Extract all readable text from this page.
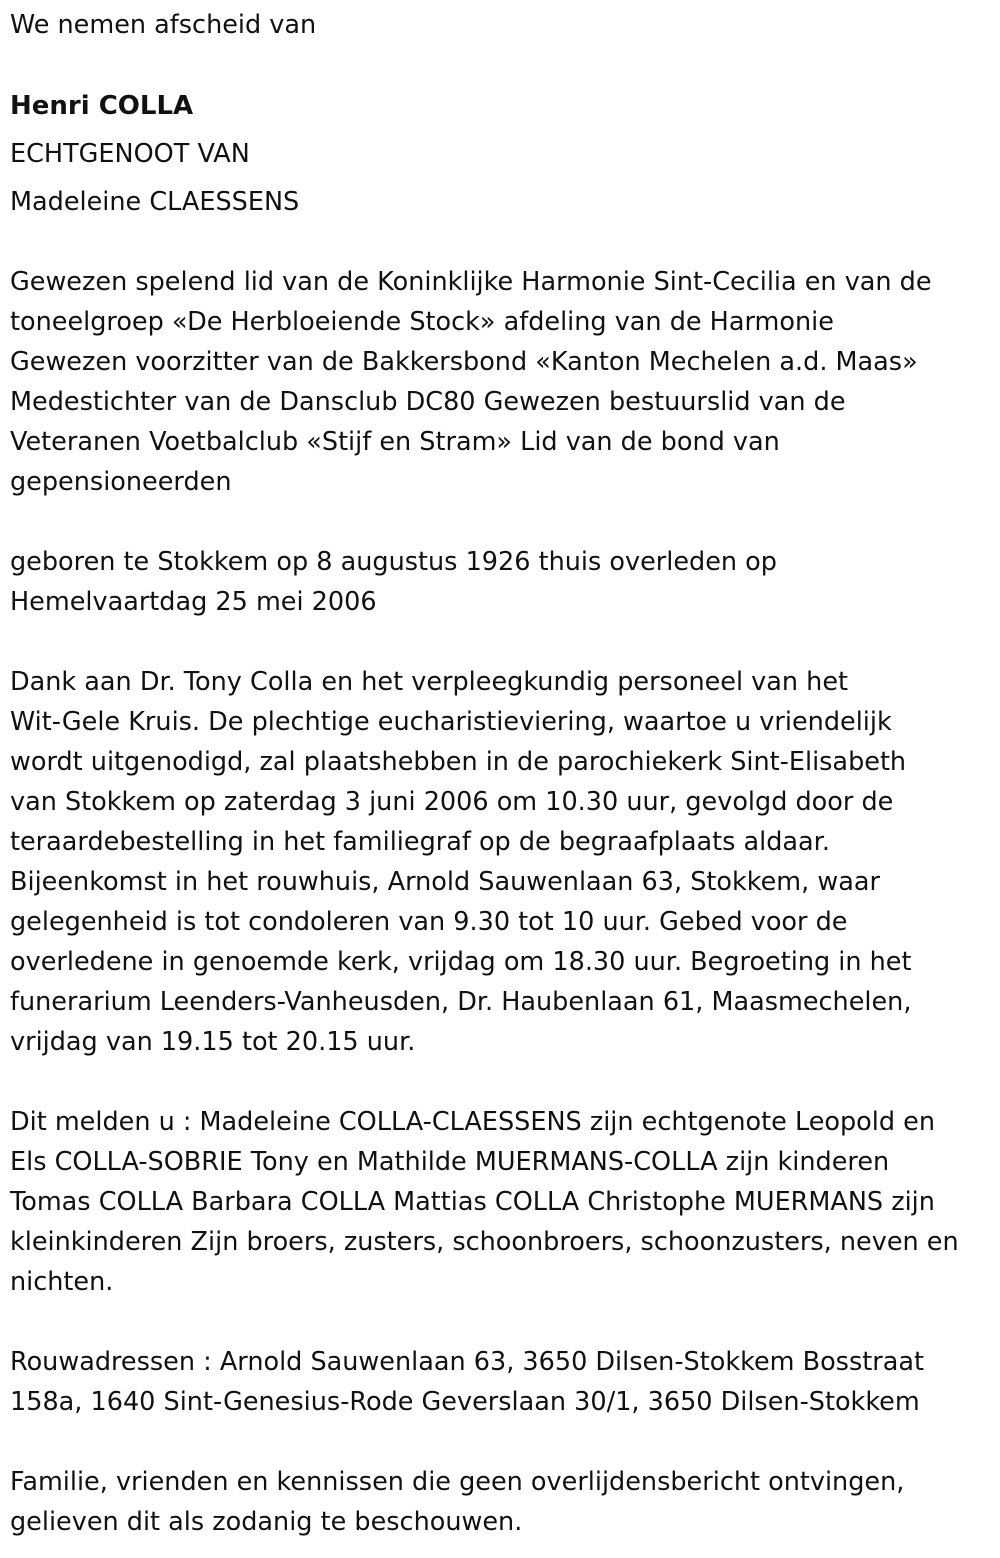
We nemen afscheid van

Henri COLLA

ECHTGENOOT VAN

Madeleine CLAESSENS

Gewezen spelend lid van de Koninklijke Harmonie Sint-Cecilia en van de
toneelgroep «De Herbloeiende Stock» afdeling van de Harmonie
Gewezen voorzitter van de Bakkersbond «Kanton Mechelen a.d. Maas»
Medestichter van de Dansclub DC80 Gewezen bestuurslid van de
Veteranen Voetbalclub «Stijf en Stram» Lid van de bond van
gepensioneerden

geboren te Stokkem op 8 augustus 1926 thuis overleden op
Hemelvaartdag 25 mei 2006

Dank aan Dr. Tony Colla en het verpleegkundig personeel van het
Wit-Gele Kruis. De plechtige eucharistieviering, waartoe u vriendelijk
wordt uitgenodigd, zal plaatshebben in de parochiekerk Sint-Elisabeth
van Stokkem op zaterdag 3 juni 2006 om 10.30 uur, gevolgd door de
teraardebestelling in het familiegraf op de begraafplaats aldaar.
Bijeenkomst in het rouwhuis, Arnold Sauwenlaan 63, Stokkem, waar
gelegenheid is tot condoleren van 9.30 tot 10 uur. Gebed voor de
overledene in genoemde kerk, vrijdag om 18.30 uur. Begroeting in het
funerarium Leenders-Vanheusden, Dr. Haubenlaan 61, Maasmechelen,
vrijdag van 19.15 tot 20.15 uur.

Dit melden u : Madeleine COLLA-CLAESSENS zijn echtgenote Leopold en
Els COLLA-SOBRIE Tony en Mathilde MUERMANS-COLLA zijn kinderen
Tomas COLLA Barbara COLLA Mattias COLLA Christophe MUERMANS zijn
kleinkinderen Zijn broers, zusters, schoonbroers, schoonzusters, neven en
nichten.

Rouwadressen : Arnold Sauwenlaan 63, 3650 Dilsen-Stokkem Bosstraat
158a, 1640 Sint-Genesius-Rode Geverslaan 30/1, 3650 Dilsen-Stokkem

Familie, vrienden en kennissen die geen overlijdensbericht ontvingen,
gelieven dit als zodanig te beschouwen.
